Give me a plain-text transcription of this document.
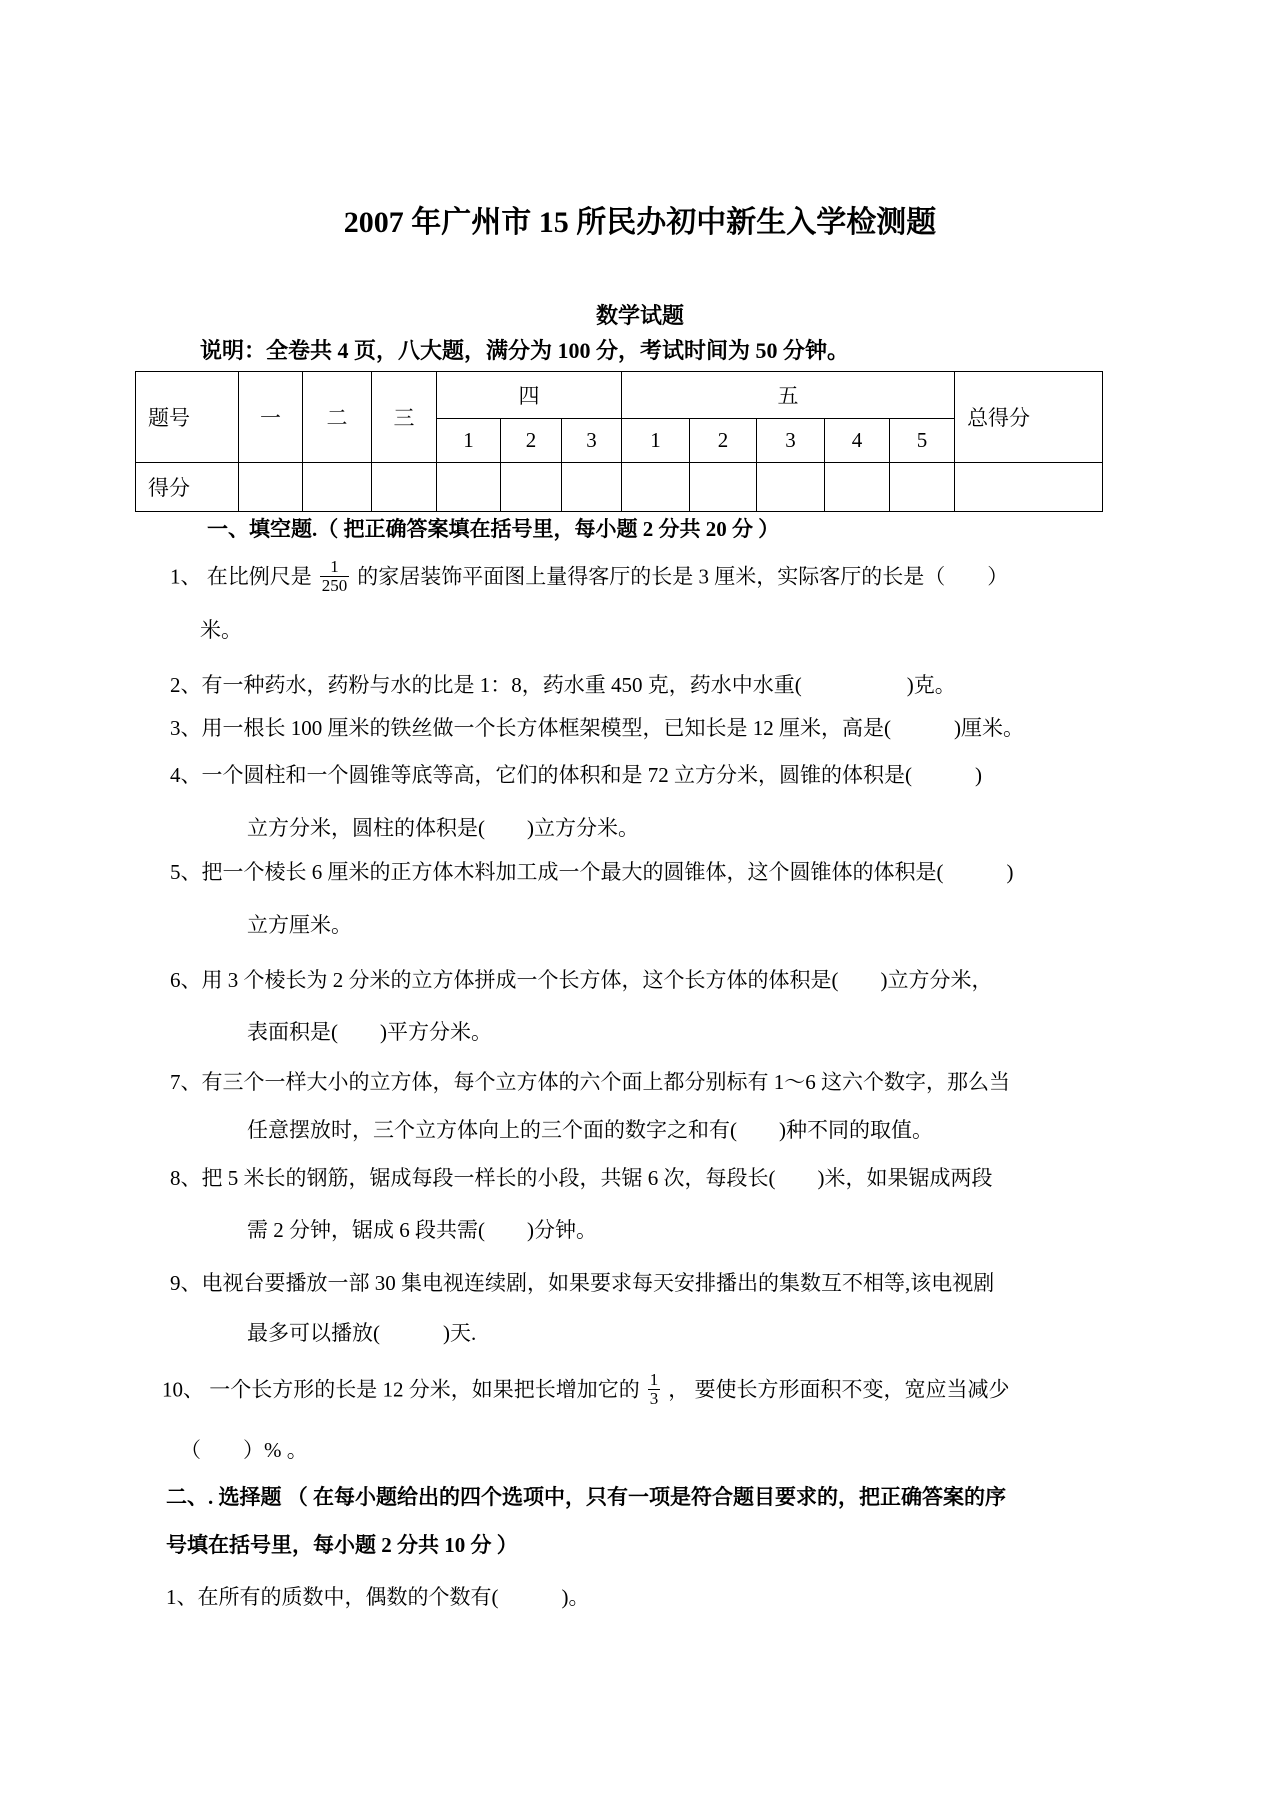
2007 年广州市 15 所民办初中新生入学检测题
数学试题
说明：全卷共 4 页，八大题，满分为 100 分，考试时间为 50 分钟。
题号	一	二	三	四			五					总得分
				1	2	3	1	2	3	4	5	
得分												
一、填空题.（ 把正确答案填在括号里，每小题 2 分共 20 分 ）
1、 在比例尺是 $\frac{1}{250}$ 的家居装饰平面图上量得客厅的长是 3 厘米，实际客厅的长是（　　）
米。
2、有一种药水，药粉与水的比是 1：8，药水重 450 克，药水中水重(　　　　　)克。
3、用一根长 100 厘米的铁丝做一个长方体框架模型，已知长是 12 厘米，高是(　　　)厘米。
4、一个圆柱和一个圆锥等底等高，它们的体积和是 72 立方分米，圆锥的体积是(　　　)
立方分米，圆柱的体积是(　　)立方分米。
5、把一个棱长 6 厘米的正方体木料加工成一个最大的圆锥体，这个圆锥体的体积是(　　　)
立方厘米。
6、用 3 个棱长为 2 分米的立方体拼成一个长方体，这个长方体的体积是(　　)立方分米，
表面积是(　　)平方分米。
7、有三个一样大小的立方体，每个立方体的六个面上都分别标有 1～6 这六个数字，那么当
任意摆放时，三个立方体向上的三个面的数字之和有(　　)种不同的取值。
8、把 5 米长的钢筋，锯成每段一样长的小段，共锯 6 次，每段长(　　)米，如果锯成两段
需 2 分钟，锯成 6 段共需(　　)分钟。
9、电视台要播放一部 30 集电视连续剧，如果要求每天安排播出的集数互不相等,该电视剧
最多可以播放(　　　)天.
10、 一个长方形的长是 12 分米，如果把长增加它的 $\frac{1}{3}$ ， 要使长方形面积不变，宽应当减少
（　　）% 。
二、. 选择题 （ 在每小题给出的四个选项中，只有一项是符合题目要求的，把正确答案的序
号填在括号里，每小题 2 分共 10 分 ）
1、在所有的质数中，偶数的个数有(　　　)。
